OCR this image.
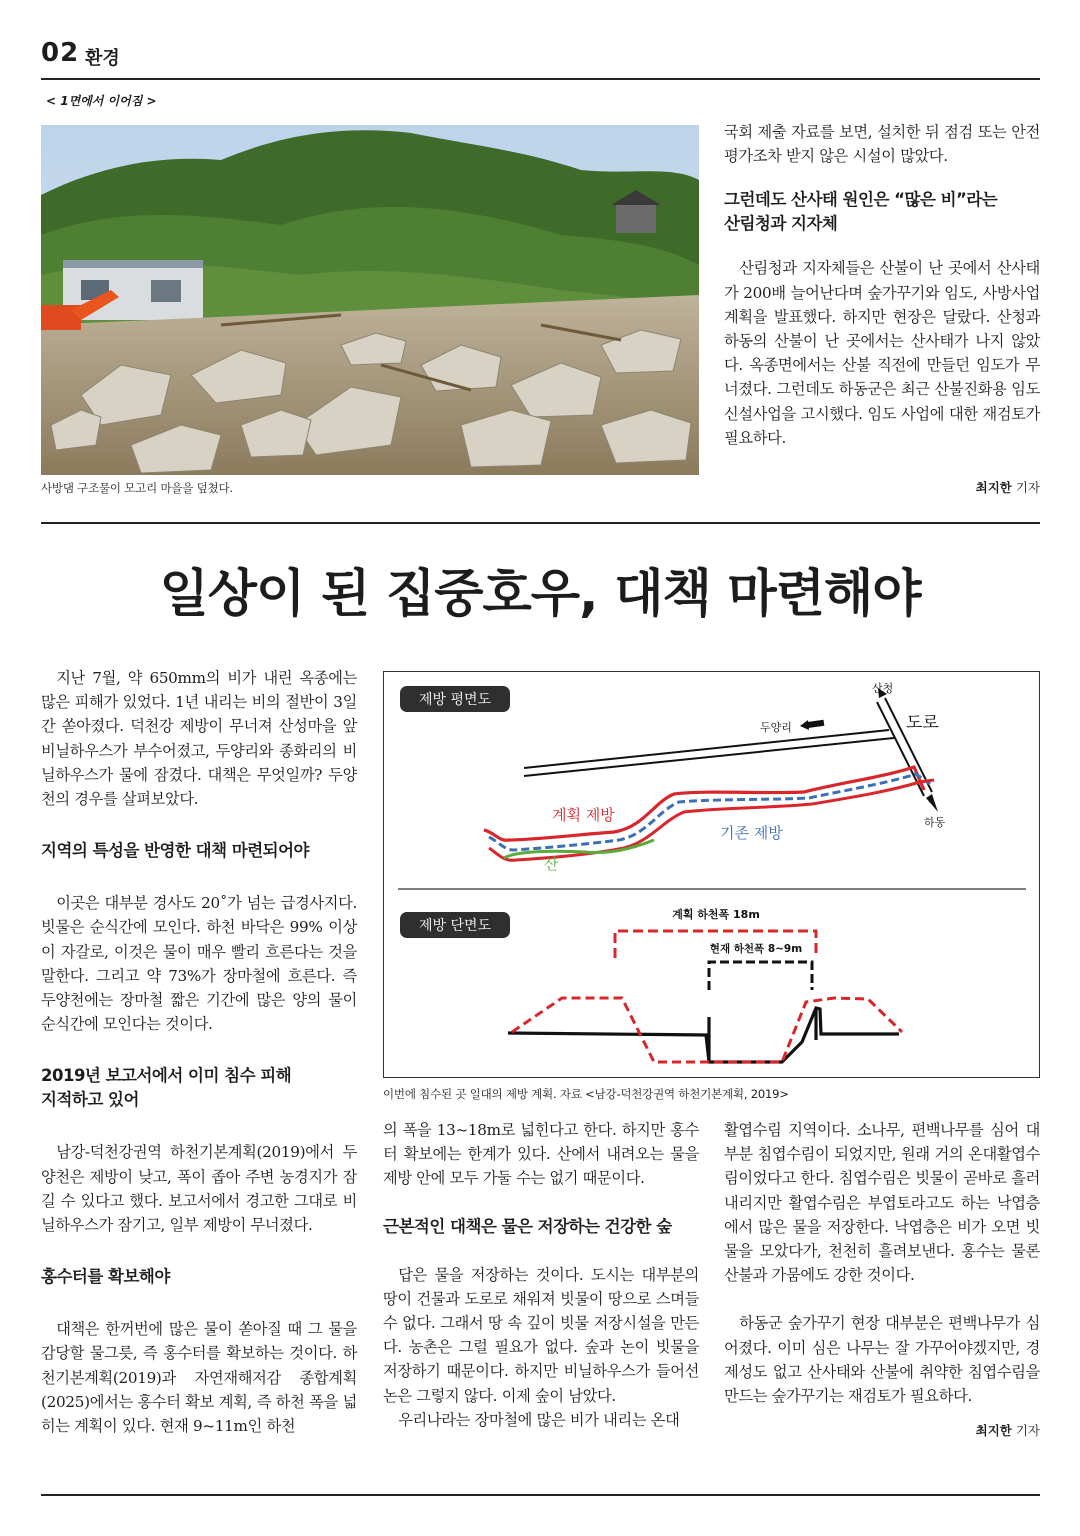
02 환경
< 1면에서 이어짐 >
사방댐 구조물이 모고리 마을을 덮쳤다.

국회 제출 자료를 보면, 설치한 뒤 점검 또는 안전평가조차 받지 않은 시설이 많았다.

그런데도 산사태 원인은 “많은 비”라는
산림청과 지자체

산림청과 지자체들은 산불이 난 곳에서 산사태가 200배 늘어난다며 숲가꾸기와 임도, 사방사업 계획을 발표했다. 하지만 현장은 달랐다. 산청과 하동의 산불이 난 곳에서는 산사태가 나지 않았다. 옥종면에서는 산불 직전에 만들던 임도가 무너졌다. 그런데도 하동군은 최근 산불진화용 임도 신설사업을 고시했다. 임도 사업에 대한 재검토가 필요하다.

최지한 기자
일상이 된 집중호우, 대책 마련해야

지난 7월, 약 650mm의 비가 내린 옥종에는 많은 피해가 있었다. 1년 내리는 비의 절반이 3일간 쏟아졌다. 덕천강 제방이 무너져 산성마을 앞 비닐하우스가 부수어졌고, 두양리와 종화리의 비닐하우스가 물에 잠겼다. 대책은 무엇일까? 두양천의 경우를 살펴보았다.

지역의 특성을 반영한 대책 마련되어야

이곳은 대부분 경사도 20˚가 넘는 급경사지다. 빗물은 순식간에 모인다. 하천 바닥은 99% 이상이 자갈로, 이것은 물이 매우 빨리 흐른다는 것을 말한다. 그리고 약 73%가 장마철에 흐른다. 즉 두양천에는 장마철 짧은 기간에 많은 양의 물이 순식간에 모인다는 것이다.

2019년 보고서에서 이미 침수 피해
지적하고 있어

남강-덕천강권역 하천기본계획(2019)에서 두양천은 제방이 낮고, 폭이 좁아 주변 농경지가 잠길 수 있다고 했다. 보고서에서 경고한 그대로 비닐하우스가 잠기고, 일부 제방이 무너졌다.

홍수터를 확보해야

대책은 한꺼번에 많은 물이 쏟아질 때 그 물을 감당할 물그릇, 즉 홍수터를 확보하는 것이다. 하천기본계획(2019)과 자연재해저감 종합계획(2025)에서는 홍수터 확보 계획, 즉 하천 폭을 넓히는 계획이 있다. 현재 9~11m인 하천

제방 평면도
산청
도로
두양리
하동
계획 제방
기존 제방
산
제방 단면도
계획 하천폭 18m
현재 하천폭 8~9m
이번에 침수된 곳 일대의 제방 계획. 자료 <남강-덕천강권역 하천기본계획, 2019>

의 폭을 13~18m로 넓힌다고 한다. 하지만 홍수터 확보에는 한계가 있다. 산에서 내려오는 물을 제방 안에 모두 가둘 수는 없기 때문이다.

근본적인 대책은 물은 저장하는 건강한 숲

답은 물을 저장하는 것이다. 도시는 대부분의 땅이 건물과 도로로 채워져 빗물이 땅으로 스며들 수 없다. 그래서 땅 속 깊이 빗물 저장시설을 만든다. 농촌은 그럴 필요가 없다. 숲과 논이 빗물을 저장하기 때문이다. 하지만 비닐하우스가 들어선 논은 그렇지 않다. 이제 숲이 남았다.

우리나라는 장마철에 많은 비가 내리는 온대

활엽수림 지역이다. 소나무, 편백나무를 심어 대부분 침엽수림이 되었지만, 원래 거의 온대활엽수림이었다고 한다. 침엽수림은 빗물이 곧바로 흘러내리지만 활엽수림은 부엽토라고도 하는 낙엽층에서 많은 물을 저장한다. 낙엽층은 비가 오면 빗물을 모았다가, 천천히 흘려보낸다. 홍수는 물론 산불과 가뭄에도 강한 것이다.

하동군 숲가꾸기 현장 대부분은 편백나무가 심어졌다. 이미 심은 나무는 잘 가꾸어야겠지만, 경제성도 없고 산사태와 산불에 취약한 침엽수림을 만드는 숲가꾸기는 재검토가 필요하다.

최지한 기자
